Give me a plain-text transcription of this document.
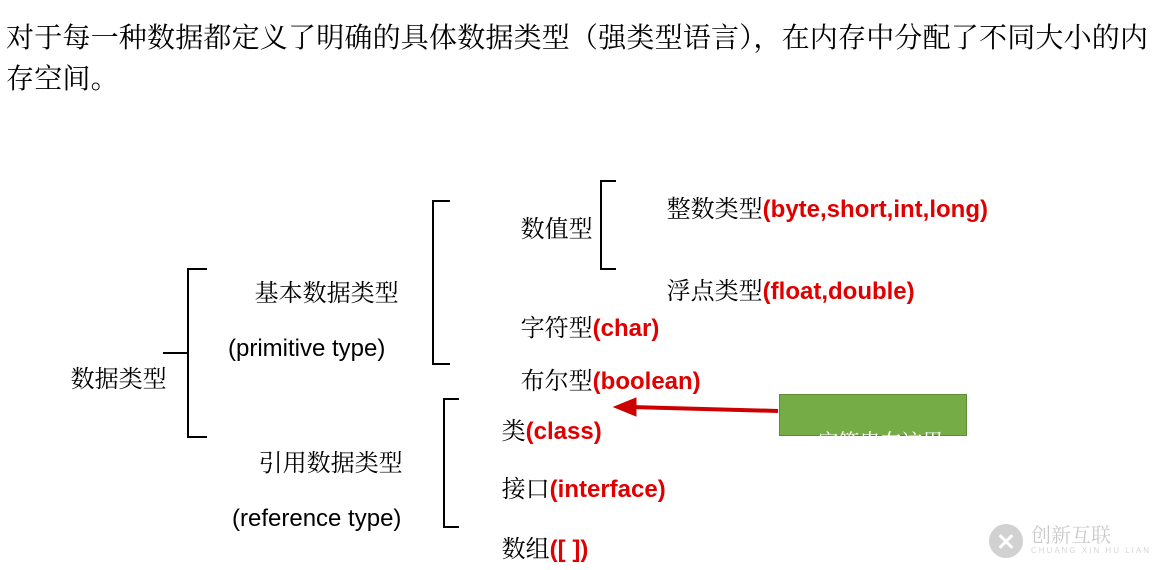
对于每一种数据都定义了明确的具体数据类型（强类型语言），在内存中分配了不同大小的内存空间。

数据类型

基本数据类型

(primitive type)

引用数据类型

(reference type)

数值型

整数类型(byte,short,int,long)

浮点类型(float,double)

字符型(char)

布尔型(boolean)

类(class)

接口(interface)

数组([ ])

字符串在这里

创新互联
CHUANG XIN HU LIAN
